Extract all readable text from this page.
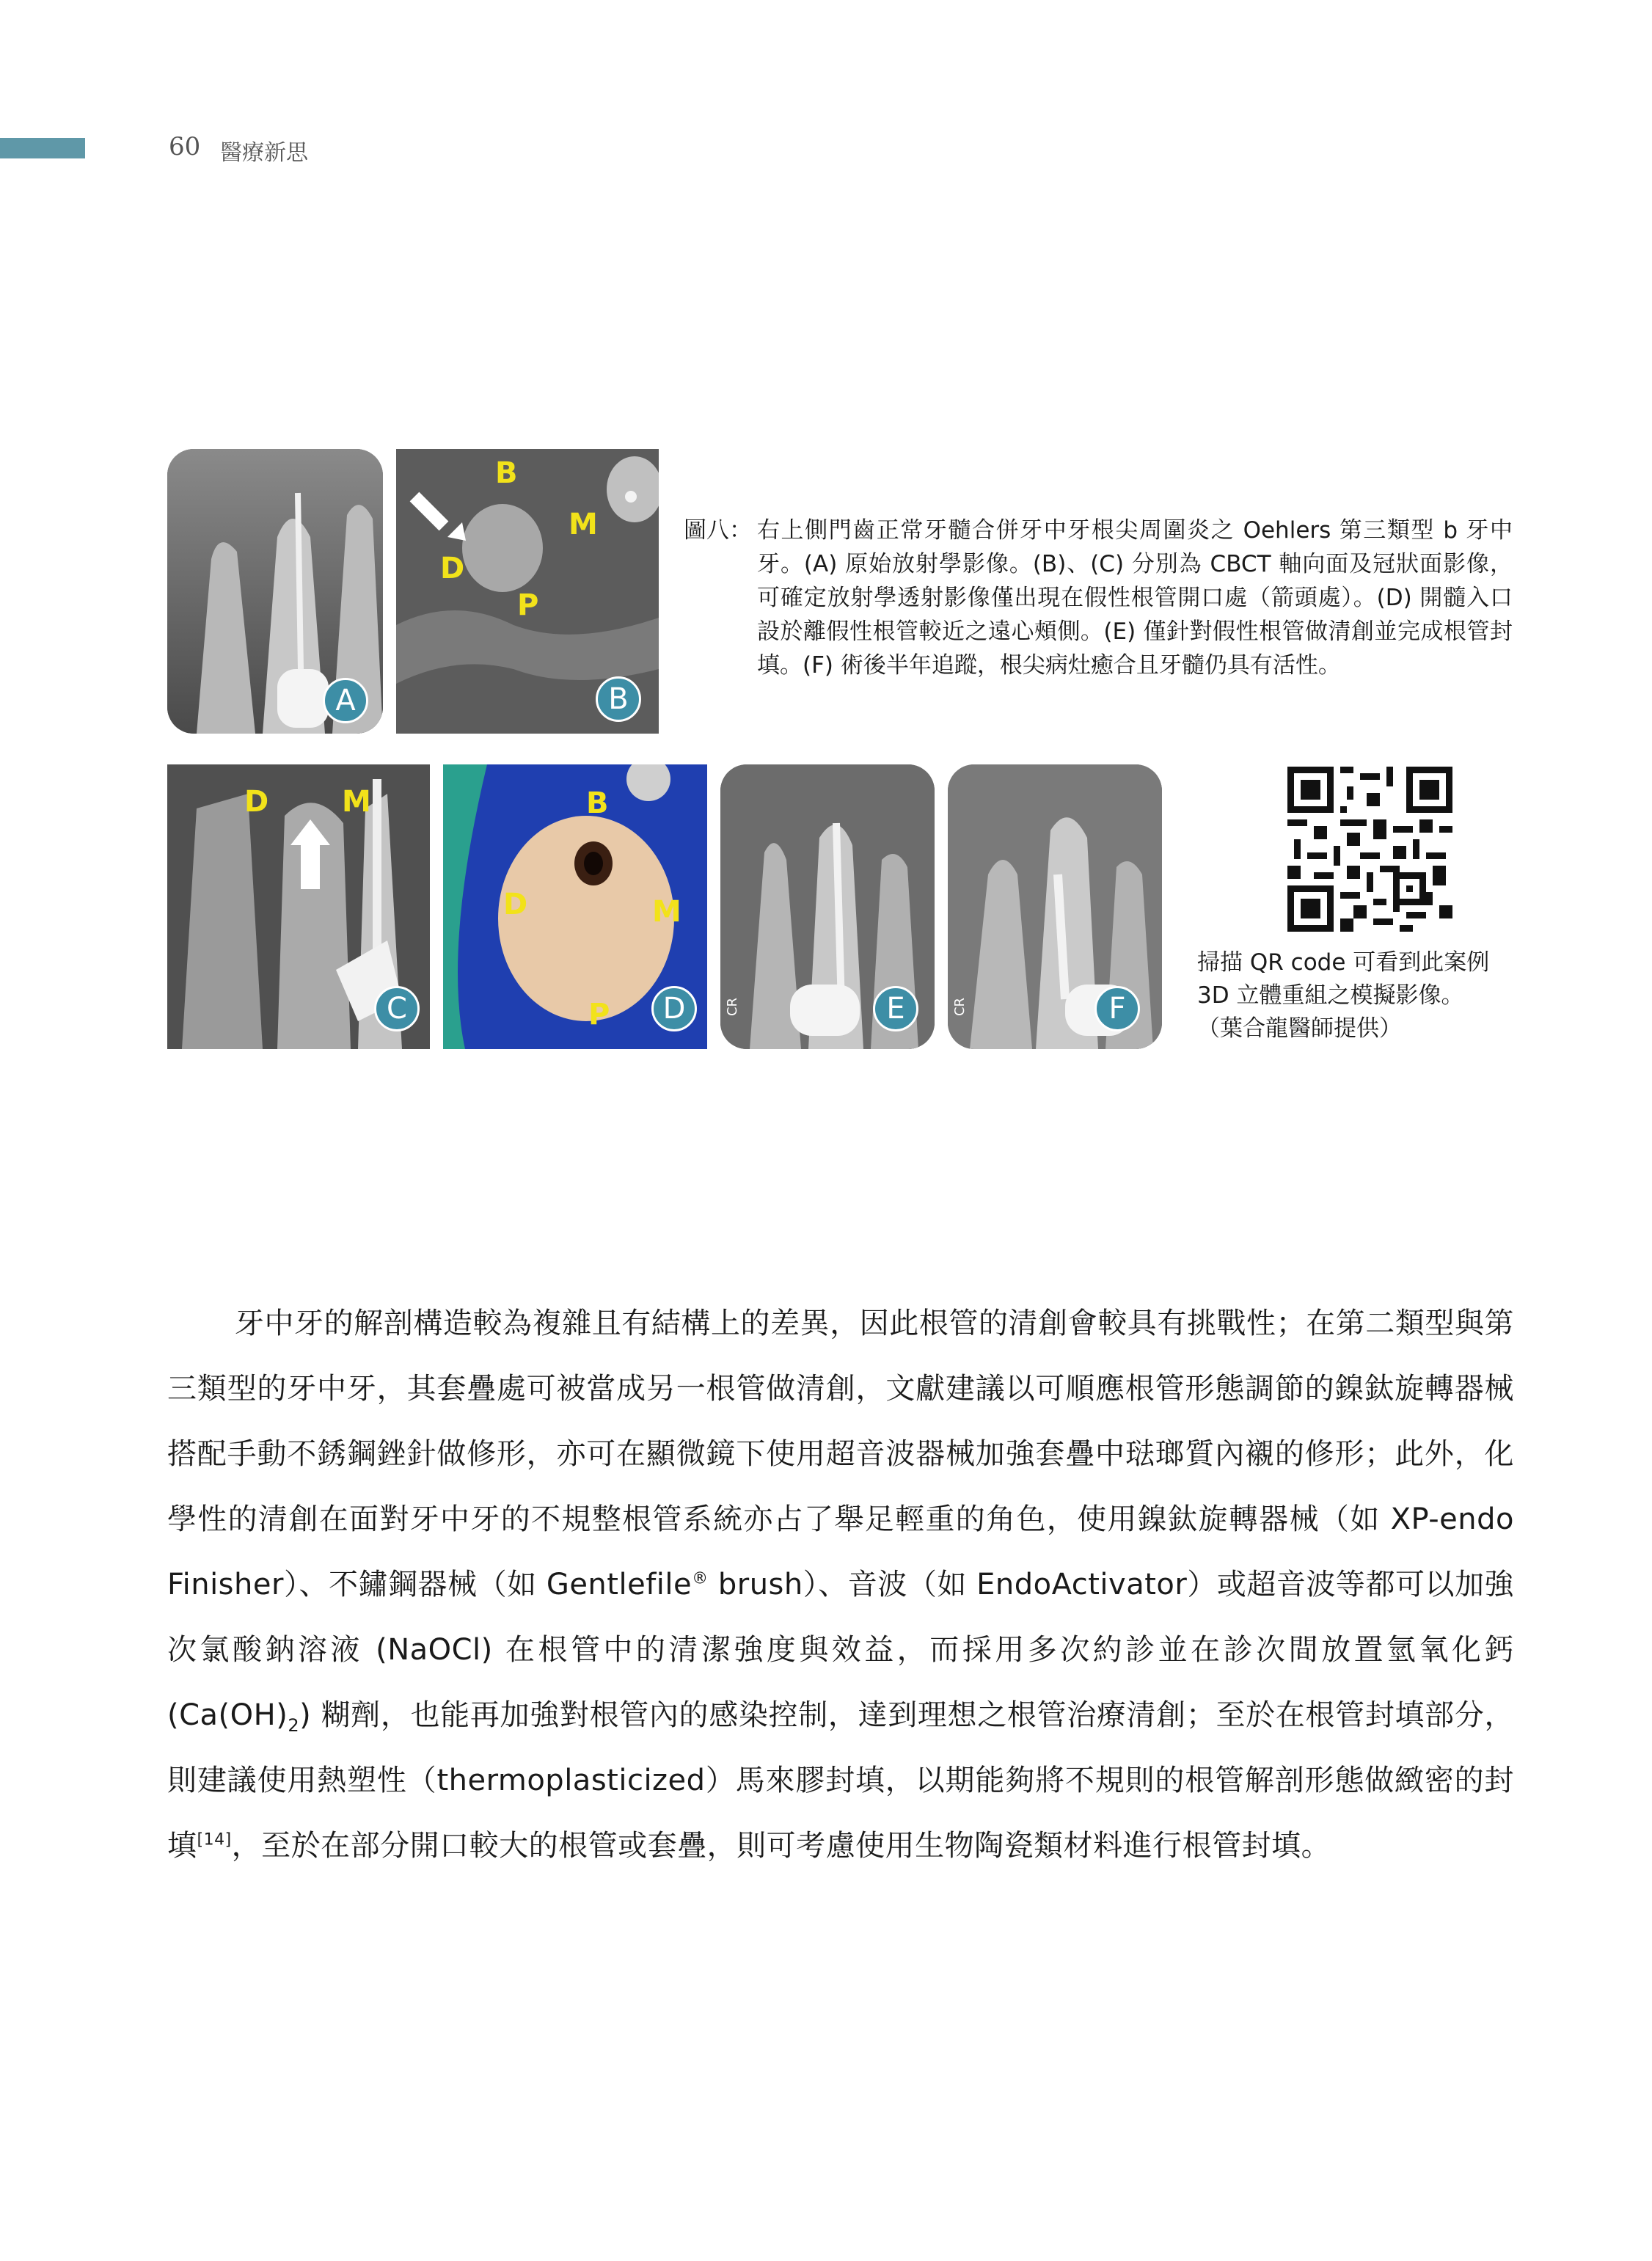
60 醫療新思
A
B
M
D
P
B
圖八： 右上側門齒正常牙髓合併牙中牙根尖周圍炎之 Oehlers 第三類型 b 牙中牙。(A) 原始放射學影像。(B)、(C) 分別為 CBCT 軸向面及冠狀面影像，可確定放射學透射影像僅出現在假性根管開口處（箭頭處）。(D) 開髓入口設於離假性根管較近之遠心頰側。(E) 僅針對假性根管做清創並完成根管封填。(F) 術後半年追蹤，根尖病灶癒合且牙髓仍具有活性。
D M
C
B
D	M
P	D	CR	E	CR	F
掃描 QR code 可看到此案例
3D 立體重組之模擬影像。
（葉合龍醫師提供）
牙中牙的解剖構造較為複雜且有結構上的差異，因此根管的清創會較具有挑戰性；在第二類型與第三類型的牙中牙，其套疊處可被當成另一根管做清創，文獻建議以可順應根管形態調節的鎳鈦旋轉器械搭配手動不銹鋼銼針做修形，亦可在顯微鏡下使用超音波器械加強套疊中琺瑯質內襯的修形；此外，化學性的清創在面對牙中牙的不規整根管系統亦占了舉足輕重的角色，使用鎳鈦旋轉器械（如 XP-endo Finisher）、不鏽鋼器械（如 Gentlefile® brush）、音波（如 EndoActivator）或超音波等都可以加強次氯酸鈉溶液 (NaOCl) 在根管中的清潔強度與效益，而採用多次約診並在診次間放置氫氧化鈣 $(Ca(OH)_2)$ 糊劑，也能再加強對根管內的感染控制，達到理想之根管治療清創；至於在根管封填部分，則建議使用熱塑性（thermoplasticized）馬來膠封填，以期能夠將不規則的根管解剖形態做緻密的封填[14]，至於在部分開口較大的根管或套疊，則可考慮使用生物陶瓷類材料進行根管封填。
